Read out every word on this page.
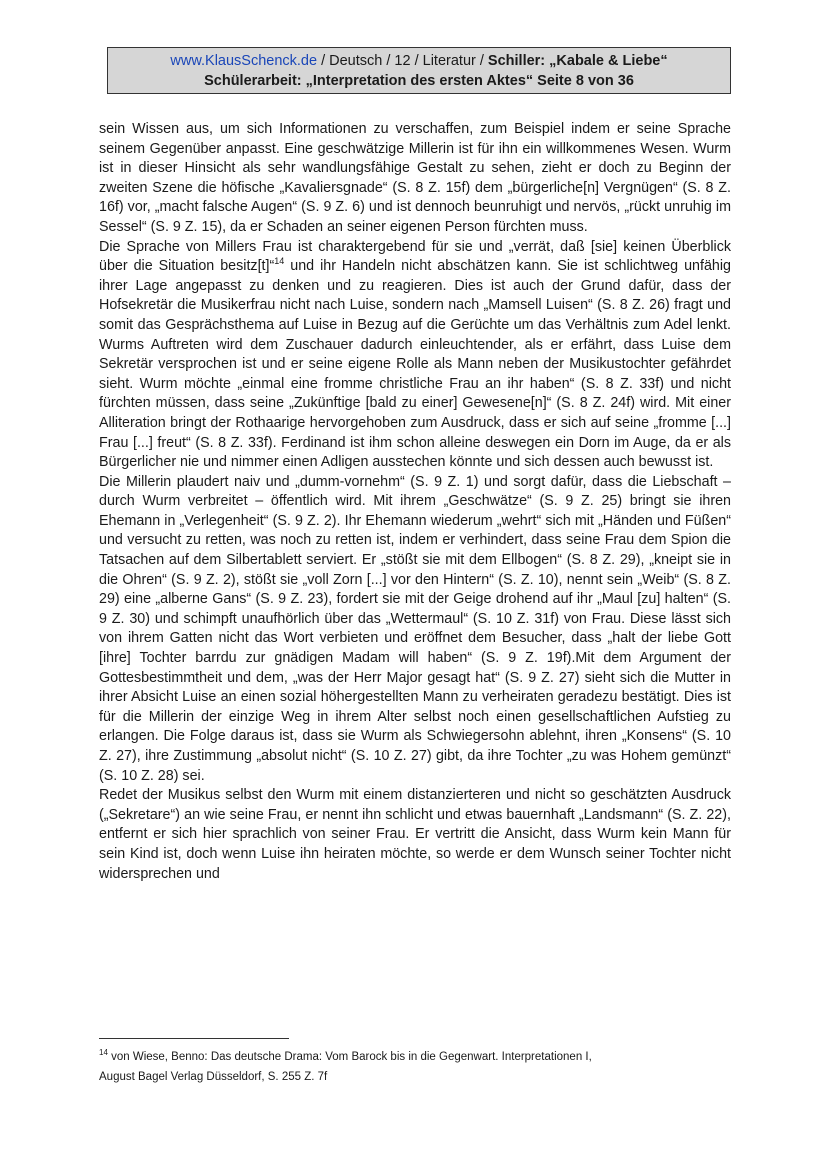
www.KlausSchenck.de / Deutsch / 12 / Literatur / Schiller: „Kabale & Liebe“
Schülerarbeit: „Interpretation des ersten Aktes“ Seite 8 von 36

sein Wissen aus, um sich Informationen zu verschaffen, zum Beispiel indem er seine Sprache seinem Gegenüber anpasst. Eine geschwätzige Millerin ist für ihn ein willkommenes Wesen. Wurm ist in dieser Hinsicht als sehr wandlungsfähige Gestalt zu sehen, zieht er doch zu Beginn der zweiten Szene die höfische „Kavaliersgnade“ (S. 8 Z. 15f) dem „bürgerliche[n] Vergnügen“ (S. 8 Z. 16f) vor, „macht falsche Augen“ (S. 9 Z. 6) und ist dennoch beunruhigt und nervös, „rückt unruhig im Sessel“ (S. 9 Z. 15), da er Schaden an seiner eigenen Person fürchten muss.

Die Sprache von Millers Frau ist charaktergebend für sie und „verrät, daß [sie] keinen Überblick über die Situation besitz[t]“$^{14}$ und ihr Handeln nicht abschätzen kann. Sie ist schlichtweg unfähig ihrer Lage angepasst zu denken und zu reagieren. Dies ist auch der Grund dafür, dass der Hofsekretär die Musikerfrau nicht nach Luise, sondern nach „Mamsell Luisen“ (S. 8 Z. 26) fragt und somit das Gesprächsthema auf Luise in Bezug auf die Gerüchte um das Verhältnis zum Adel lenkt. Wurms Auftreten wird dem Zuschauer dadurch einleuchtender, als er erfährt, dass Luise dem Sekretär versprochen ist und er seine eigene Rolle als Mann neben der Musikustochter gefährdet sieht. Wurm möchte „einmal eine fromme christliche Frau an ihr haben“ (S. 8 Z. 33f) und nicht fürchten müssen, dass seine „Zukünftige [bald zu einer] Gewesene[n]“ (S. 8 Z. 24f) wird. Mit einer Alliteration bringt der Rothaarige hervorgehoben zum Ausdruck, dass er sich auf seine „fromme [...] Frau [...] freut“ (S. 8 Z. 33f). Ferdinand ist ihm schon alleine deswegen ein Dorn im Auge, da er als Bürgerlicher nie und nimmer einen Adligen ausstechen könnte und sich dessen auch bewusst ist.

Die Millerin plaudert naiv und „dumm-vornehm“ (S. 9 Z. 1) und sorgt dafür, dass die Liebschaft – durch Wurm verbreitet – öffentlich wird. Mit ihrem „Geschwätze“ (S. 9 Z. 25) bringt sie ihren Ehemann in „Verlegenheit“ (S. 9 Z. 2). Ihr Ehemann wiederum „wehrt“ sich mit „Händen und Füßen“ und versucht zu retten, was noch zu retten ist, indem er verhindert, dass seine Frau dem Spion die Tatsachen auf dem Silbertablett serviert. Er „stößt sie mit dem Ellbogen“ (S. 8 Z. 29), „kneipt sie in die Ohren“ (S. 9 Z. 2), stößt sie „voll Zorn [...] vor den Hintern“ (S. Z. 10), nennt sein „Weib“ (S. 8 Z. 29) eine „alberne Gans“ (S. 9 Z. 23), fordert sie mit der Geige drohend auf ihr „Maul [zu] halten“ (S. 9 Z. 30) und schimpft unaufhörlich über das „Wettermaul“ (S. 10 Z. 31f) von Frau. Diese lässt sich von ihrem Gatten nicht das Wort verbieten und eröffnet dem Besucher, dass „halt der liebe Gott [ihre] Tochter barrdu zur gnädigen Madam will haben“ (S. 9 Z. 19f).Mit dem Argument der Gottesbestimmtheit und dem, „was der Herr Major gesagt hat“ (S. 9 Z. 27) sieht sich die Mutter in ihrer Absicht Luise an einen sozial höhergestellten Mann zu verheiraten geradezu bestätigt. Dies ist für die Millerin der einzige Weg in ihrem Alter selbst noch einen gesellschaftlichen Aufstieg zu erlangen. Die Folge daraus ist, dass sie Wurm als Schwiegersohn ablehnt, ihren „Konsens“ (S. 10 Z. 27), ihre Zustimmung „absolut nicht“ (S. 10 Z. 27) gibt, da ihre Tochter „zu was Hohem gemünzt“ (S. 10 Z. 28) sei.

Redet der Musikus selbst den Wurm mit einem distanzierteren und nicht so geschätzten Ausdruck („Sekretare“) an wie seine Frau, er nennt ihn schlicht und etwas bauernhaft „Landsmann“ (S. Z. 22), entfernt er sich hier sprachlich von seiner Frau. Er vertritt die Ansicht, dass Wurm kein Mann für sein Kind ist, doch wenn Luise ihn heiraten möchte, so werde er dem Wunsch seiner Tochter nicht widersprechen und

$^{14}$ von Wiese, Benno: Das deutsche Drama: Vom Barock bis in die Gegenwart. Interpretationen I,
August Bagel Verlag Düsseldorf, S. 255 Z. 7f
